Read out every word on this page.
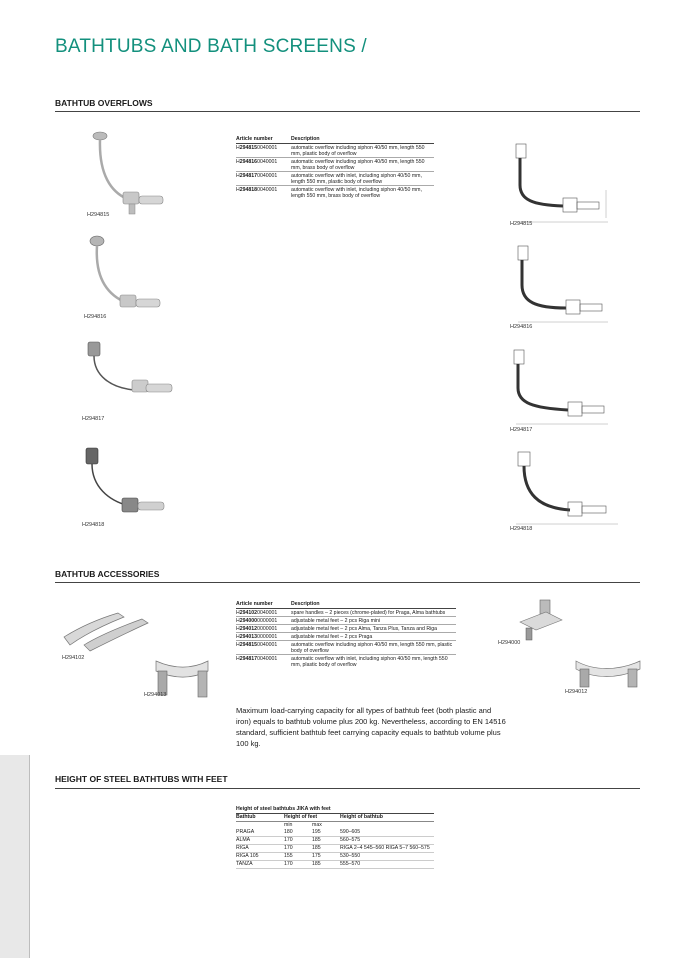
BATHTUBS AND BATH SCREENS /
BATHTUB OVERFLOWS
H294815
H294816
H294817
H294818
Article number	Description
H2948150040001	automatic overflow including siphon 40/50 mm, length 550 mm, plastic body of overflow
H2948160040001	automatic overflow including siphon 40/50 mm, length 550 mm, brass body of overflow
H2948170040001	automatic overflow with inlet, including siphon 40/50 mm, length 550 mm, plastic body of overflow
H2948180040001	automatic overflow with inlet, including siphon 40/50 mm, length 550 mm, brass body of overflow
H294815
H294816
H294817
H294818
BATHTUB ACCESSORIES
H294102
H294013
Article number	Description
H2941020040001	spare handles – 2 pieces (chrome-plated) for Praga, Alma bathtubs
H2940000000001	adjustable metal feet – 2 pcs Riga mini
H2940120000001	adjustable metal feet – 2 pcs Alma, Tanza Plus, Tanza and Riga
H2940130000001	adjustable metal feet – 2 pcs Praga
H2948150040001	automatic overflow including siphon 40/50 mm, length 550 mm, plastic body of overflow
H2948170040001	automatic overflow with inlet, including siphon 40/50 mm, length 550 mm, plastic body of overflow
H294000
H294012
Maximum load-carrying capacity for all types of bathtub feet (both plastic and iron) equals to bathtub volume plus 200 kg. Nevertheless, according to EN 14516 standard, sufficient bathtub feet carrying capacity equals to bathtub volume plus 100 kg.
HEIGHT OF STEEL BATHTUBS WITH FEET
Height of steel bathtubs JIKA with feet			
Bathtub	Height of feet		Height of bathtub
	min	max	
PRAGA	180	195	590–605
ALMA	170	185	560–575
RIGA	170	185	RIGA 2–4 545–560 RIGA 5–7 560–575
RIGA 105	155	175	530–550
TANZA	170	185	555–570
